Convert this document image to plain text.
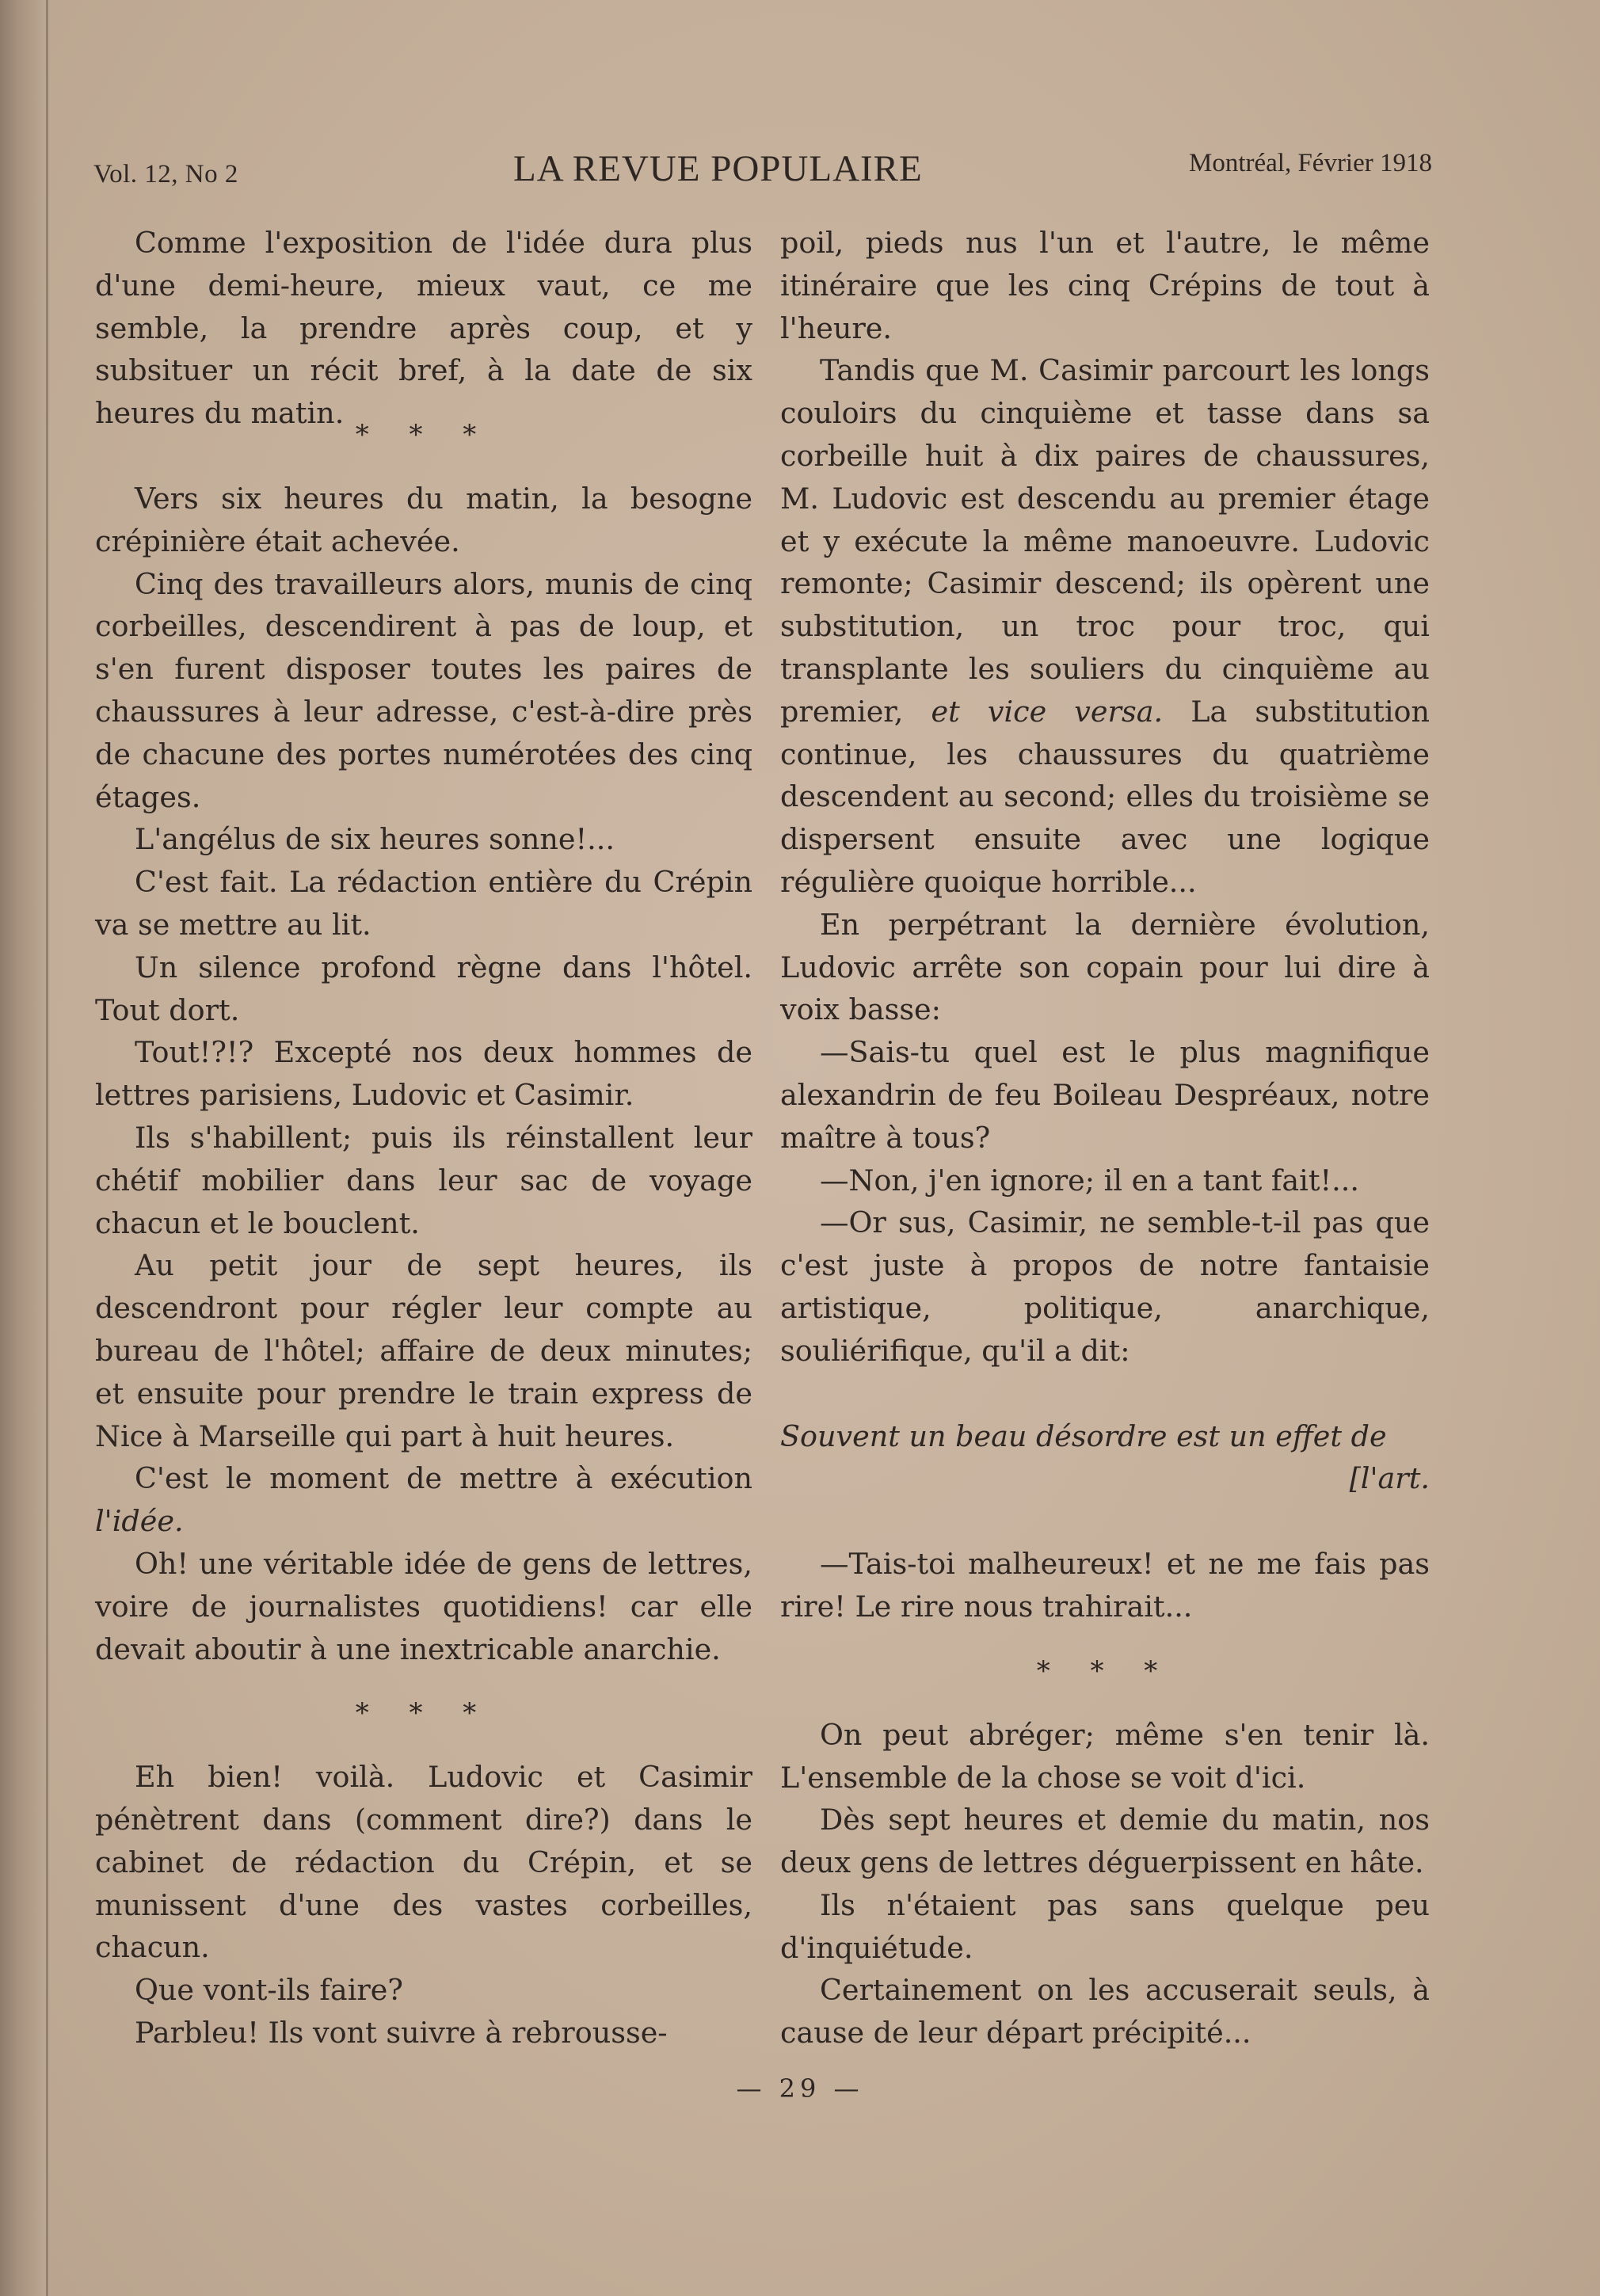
Vol. 12, No 2	LA REVUE POPULAIRE	Montréal, Février 1918

Comme l'exposition de l'idée dura plus d'une demi-heure, mieux vaut, ce me semble, la prendre après coup, et y subsituer un récit bref, à la date de six heures du matin.

* * *

Vers six heures du matin, la besogne crépinière était achevée.

Cinq des travailleurs alors, munis de cinq corbeilles, descendirent à pas de loup, et s'en furent disposer toutes les paires de chaussures à leur adresse, c'est-à-dire près de chacune des portes numérotées des cinq étages.

L'angélus de six heures sonne!...

C'est fait. La rédaction entière du Crépin va se mettre au lit.

Un silence profond règne dans l'hôtel. Tout dort.

Tout!?!? Excepté nos deux hommes de lettres parisiens, Ludovic et Casimir.

Ils s'habillent; puis ils réinstallent leur chétif mobilier dans leur sac de voyage chacun et le bouclent.

Au petit jour de sept heures, ils descendront pour régler leur compte au bureau de l'hôtel; affaire de deux minutes; et ensuite pour prendre le train express de Nice à Marseille qui part à huit heures.

C'est le moment de mettre à exécution l'idée.

Oh! une véritable idée de gens de lettres, voire de journalistes quotidiens! car elle devait aboutir à une inextricable anarchie.

* * *

Eh bien! voilà. Ludovic et Casimir pénètrent dans (comment dire?) dans le cabinet de rédaction du Crépin, et se munissent d'une des vastes corbeilles, chacun.

Que vont-ils faire?

Parbleu! Ils vont suivre à rebrousse-

poil, pieds nus l'un et l'autre, le même itinéraire que les cinq Crépins de tout à l'heure.

Tandis que M. Casimir parcourt les longs couloirs du cinquième et tasse dans sa corbeille huit à dix paires de chaussures, M. Ludovic est descendu au premier étage et y exécute la même manoeuvre. Ludovic remonte; Casimir descend; ils opèrent une substitution, un troc pour troc, qui transplante les souliers du cinquième au premier, et vice versa. La substitution continue, les chaussures du quatrième descendent au second; elles du troisième se dispersent ensuite avec une logique régulière quoique horrible...

En perpétrant la dernière évolution, Ludovic arrête son copain pour lui dire à voix basse:

—Sais-tu quel est le plus magnifique alexandrin de feu Boileau Despréaux, notre maître à tous?

—Non, j'en ignore; il en a tant fait!...

—Or sus, Casimir, ne semble-t-il pas que c'est juste à propos de notre fantaisie artistique, politique, anarchique, souliérifique, qu'il a dit:

Souvent un beau désordre est un effet de
[l'art.

—Tais-toi malheureux! et ne me fais pas rire! Le rire nous trahirait...

* * *

On peut abréger; même s'en tenir là. L'ensemble de la chose se voit d'ici.

Dès sept heures et demie du matin, nos deux gens de lettres déguerpissent en hâte.

Ils n'étaient pas sans quelque peu d'inquiétude.

Certainement on les accuserait seuls, à cause de leur départ précipité...

— 29 —
